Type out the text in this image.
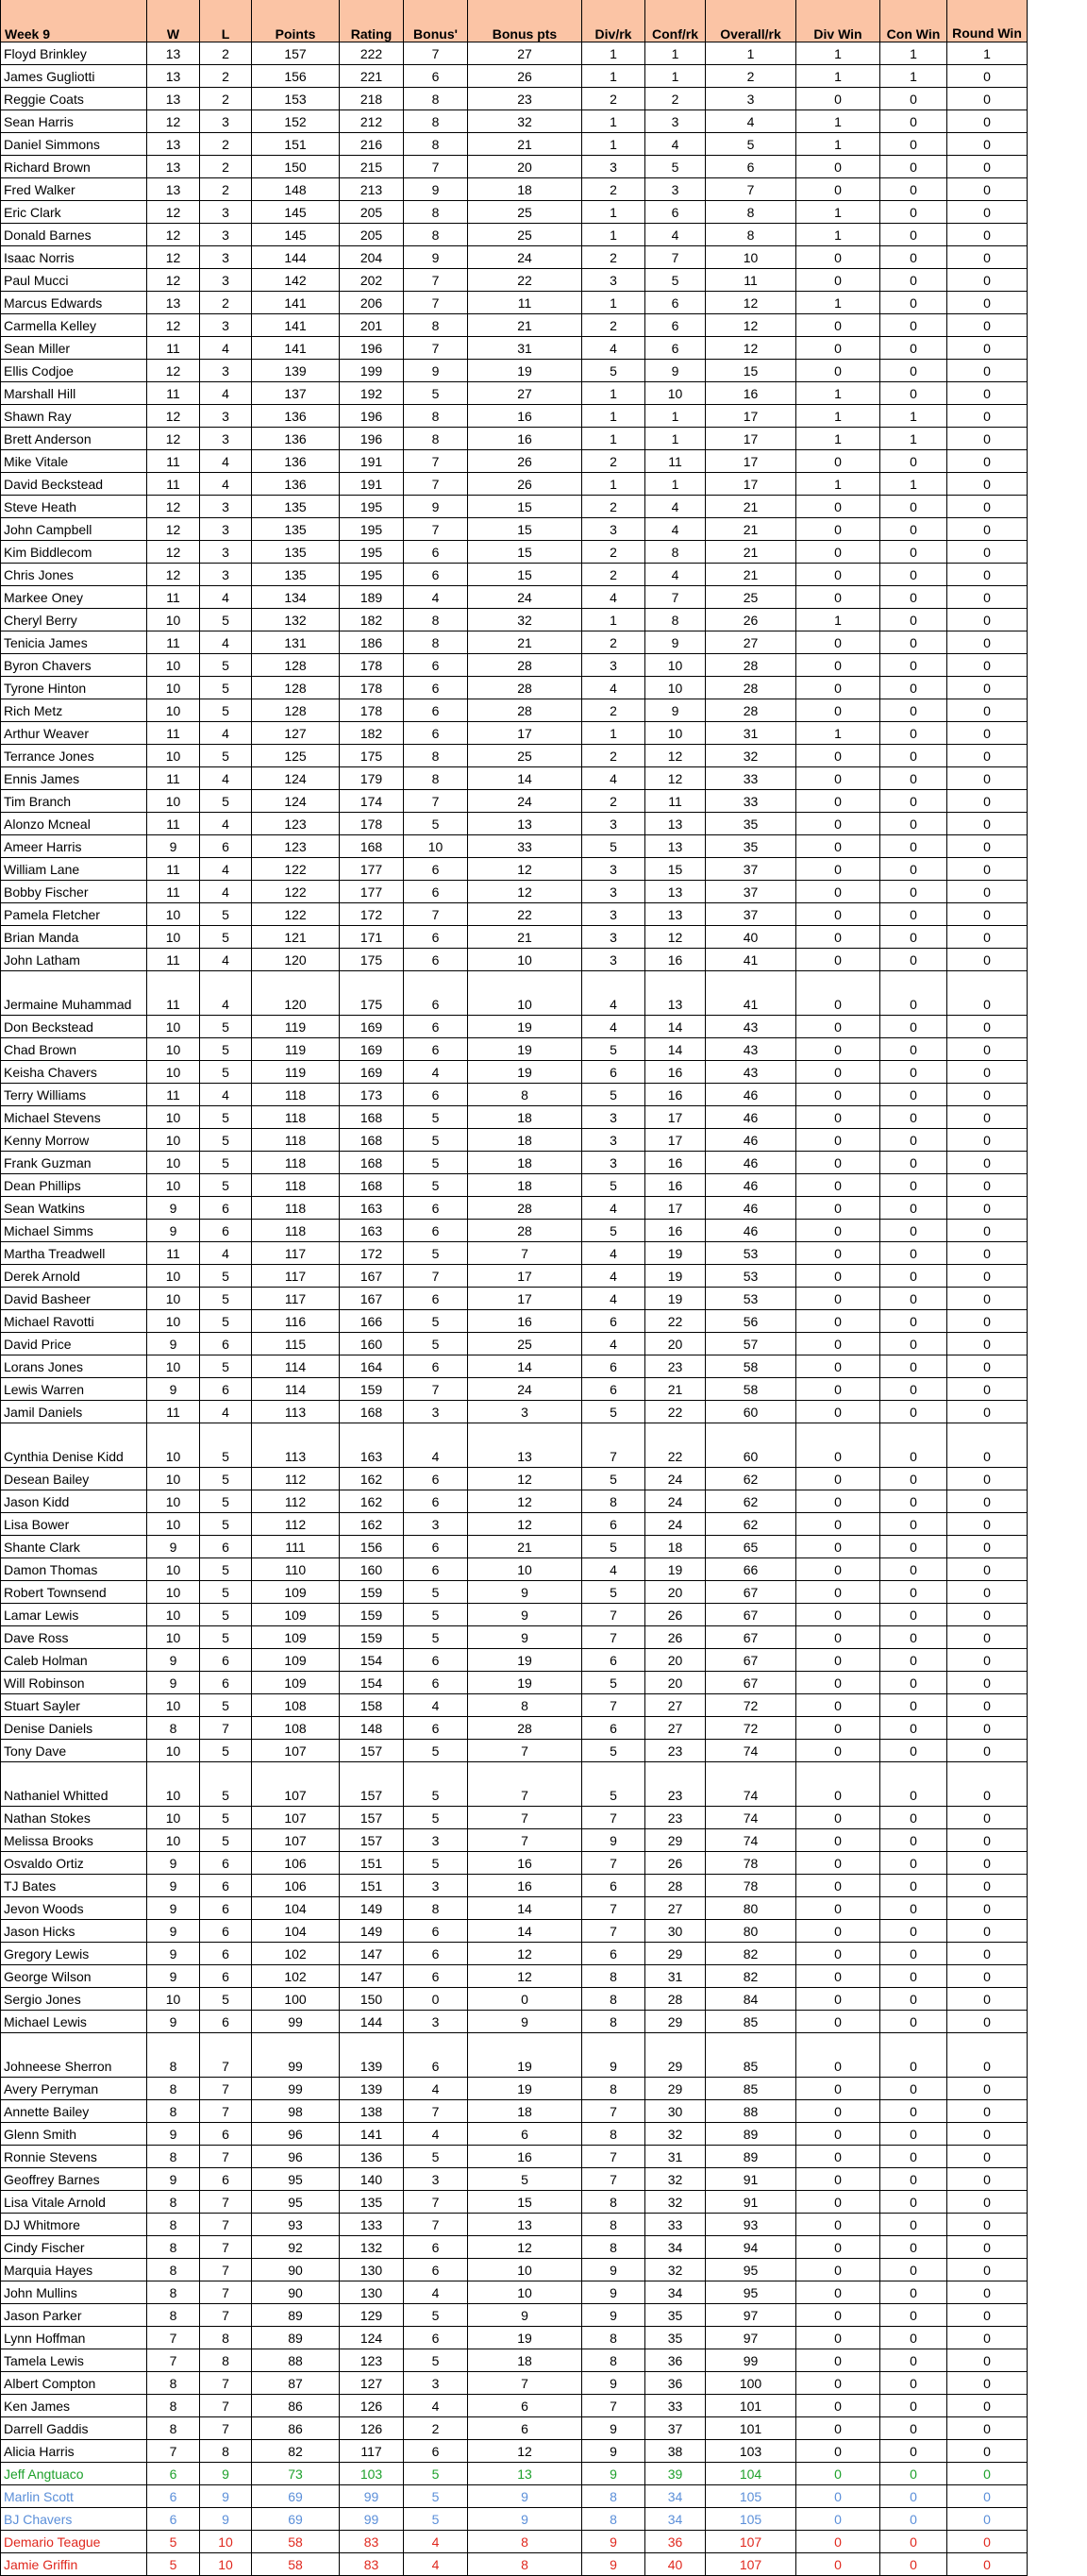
Week 9	W	L	Points	Rating	Bonus'	Bonus pts	Div/rk	Conf/rk	Overall/rk	Div Win	Con Win	Round Win
Floyd Brinkley	13	2	157	222	7	27	1	1	1	1	1	1
James Gugliotti	13	2	156	221	6	26	1	1	2	1	1	0
Reggie Coats	13	2	153	218	8	23	2	2	3	0	0	0
Sean Harris	12	3	152	212	8	32	1	3	4	1	0	0
Daniel Simmons	13	2	151	216	8	21	1	4	5	1	0	0
Richard Brown	13	2	150	215	7	20	3	5	6	0	0	0
Fred Walker	13	2	148	213	9	18	2	3	7	0	0	0
Eric Clark	12	3	145	205	8	25	1	6	8	1	0	0
Donald Barnes	12	3	145	205	8	25	1	4	8	1	0	0
Isaac Norris	12	3	144	204	9	24	2	7	10	0	0	0
Paul Mucci	12	3	142	202	7	22	3	5	11	0	0	0
Marcus Edwards	13	2	141	206	7	11	1	6	12	1	0	0
Carmella Kelley	12	3	141	201	8	21	2	6	12	0	0	0
Sean Miller	11	4	141	196	7	31	4	6	12	0	0	0
Ellis Codjoe	12	3	139	199	9	19	5	9	15	0	0	0
Marshall Hill	11	4	137	192	5	27	1	10	16	1	0	0
Shawn Ray	12	3	136	196	8	16	1	1	17	1	1	0
Brett Anderson	12	3	136	196	8	16	1	1	17	1	1	0
Mike Vitale	11	4	136	191	7	26	2	11	17	0	0	0
David Beckstead	11	4	136	191	7	26	1	1	17	1	1	0
Steve Heath	12	3	135	195	9	15	2	4	21	0	0	0
John Campbell	12	3	135	195	7	15	3	4	21	0	0	0
Kim Biddlecom	12	3	135	195	6	15	2	8	21	0	0	0
Chris Jones	12	3	135	195	6	15	2	4	21	0	0	0
Markee Oney	11	4	134	189	4	24	4	7	25	0	0	0
Cheryl Berry	10	5	132	182	8	32	1	8	26	1	0	0
Tenicia James	11	4	131	186	8	21	2	9	27	0	0	0
Byron Chavers	10	5	128	178	6	28	3	10	28	0	0	0
Tyrone Hinton	10	5	128	178	6	28	4	10	28	0	0	0
Rich Metz	10	5	128	178	6	28	2	9	28	0	0	0
Arthur Weaver	11	4	127	182	6	17	1	10	31	1	0	0
Terrance Jones	10	5	125	175	8	25	2	12	32	0	0	0
Ennis James	11	4	124	179	8	14	4	12	33	0	0	0
Tim Branch	10	5	124	174	7	24	2	11	33	0	0	0
Alonzo Mcneal	11	4	123	178	5	13	3	13	35	0	0	0
Ameer Harris	9	6	123	168	10	33	5	13	35	0	0	0
William Lane	11	4	122	177	6	12	3	15	37	0	0	0
Bobby Fischer	11	4	122	177	6	12	3	13	37	0	0	0
Pamela Fletcher	10	5	122	172	7	22	3	13	37	0	0	0
Brian Manda	10	5	121	171	6	21	3	12	40	0	0	0
John Latham	11	4	120	175	6	10	3	16	41	0	0	0
Jermaine Muhammad	11	4	120	175	6	10	4	13	41	0	0	0
Don Beckstead	10	5	119	169	6	19	4	14	43	0	0	0
Chad Brown	10	5	119	169	6	19	5	14	43	0	0	0
Keisha Chavers	10	5	119	169	4	19	6	16	43	0	0	0
Terry Williams	11	4	118	173	6	8	5	16	46	0	0	0
Michael Stevens	10	5	118	168	5	18	3	17	46	0	0	0
Kenny Morrow	10	5	118	168	5	18	3	17	46	0	0	0
Frank Guzman	10	5	118	168	5	18	3	16	46	0	0	0
Dean Phillips	10	5	118	168	5	18	5	16	46	0	0	0
Sean Watkins	9	6	118	163	6	28	4	17	46	0	0	0
Michael Simms	9	6	118	163	6	28	5	16	46	0	0	0
Martha Treadwell	11	4	117	172	5	7	4	19	53	0	0	0
Derek Arnold	10	5	117	167	7	17	4	19	53	0	0	0
David Basheer	10	5	117	167	6	17	4	19	53	0	0	0
Michael Ravotti	10	5	116	166	5	16	6	22	56	0	0	0
David Price	9	6	115	160	5	25	4	20	57	0	0	0
Lorans Jones	10	5	114	164	6	14	6	23	58	0	0	0
Lewis Warren	9	6	114	159	7	24	6	21	58	0	0	0
Jamil Daniels	11	4	113	168	3	3	5	22	60	0	0	0
Cynthia Denise Kidd	10	5	113	163	4	13	7	22	60	0	0	0
Desean Bailey	10	5	112	162	6	12	5	24	62	0	0	0
Jason Kidd	10	5	112	162	6	12	8	24	62	0	0	0
Lisa Bower	10	5	112	162	3	12	6	24	62	0	0	0
Shante Clark	9	6	111	156	6	21	5	18	65	0	0	0
Damon Thomas	10	5	110	160	6	10	4	19	66	0	0	0
Robert Townsend	10	5	109	159	5	9	5	20	67	0	0	0
Lamar Lewis	10	5	109	159	5	9	7	26	67	0	0	0
Dave Ross	10	5	109	159	5	9	7	26	67	0	0	0
Caleb Holman	9	6	109	154	6	19	6	20	67	0	0	0
Will Robinson	9	6	109	154	6	19	5	20	67	0	0	0
Stuart Sayler	10	5	108	158	4	8	7	27	72	0	0	0
Denise Daniels	8	7	108	148	6	28	6	27	72	0	0	0
Tony Dave	10	5	107	157	5	7	5	23	74	0	0	0
Nathaniel Whitted	10	5	107	157	5	7	5	23	74	0	0	0
Nathan Stokes	10	5	107	157	5	7	7	23	74	0	0	0
Melissa Brooks	10	5	107	157	3	7	9	29	74	0	0	0
Osvaldo Ortiz	9	6	106	151	5	16	7	26	78	0	0	0
TJ Bates	9	6	106	151	3	16	6	28	78	0	0	0
Jevon Woods	9	6	104	149	8	14	7	27	80	0	0	0
Jason Hicks	9	6	104	149	6	14	7	30	80	0	0	0
Gregory Lewis	9	6	102	147	6	12	6	29	82	0	0	0
George Wilson	9	6	102	147	6	12	8	31	82	0	0	0
Sergio Jones	10	5	100	150	0	0	8	28	84	0	0	0
Michael Lewis	9	6	99	144	3	9	8	29	85	0	0	0
Johneese Sherron	8	7	99	139	6	19	9	29	85	0	0	0
Avery Perryman	8	7	99	139	4	19	8	29	85	0	0	0
Annette Bailey	8	7	98	138	7	18	7	30	88	0	0	0
Glenn Smith	9	6	96	141	4	6	8	32	89	0	0	0
Ronnie Stevens	8	7	96	136	5	16	7	31	89	0	0	0
Geoffrey Barnes	9	6	95	140	3	5	7	32	91	0	0	0
Lisa Vitale Arnold	8	7	95	135	7	15	8	32	91	0	0	0
DJ Whitmore	8	7	93	133	7	13	8	33	93	0	0	0
Cindy Fischer	8	7	92	132	6	12	8	34	94	0	0	0
Marquia Hayes	8	7	90	130	6	10	9	32	95	0	0	0
John Mullins	8	7	90	130	4	10	9	34	95	0	0	0
Jason Parker	8	7	89	129	5	9	9	35	97	0	0	0
Lynn Hoffman	7	8	89	124	6	19	8	35	97	0	0	0
Tamela Lewis	7	8	88	123	5	18	8	36	99	0	0	0
Albert Compton	8	7	87	127	3	7	9	36	100	0	0	0
Ken James	8	7	86	126	4	6	7	33	101	0	0	0
Darrell Gaddis	8	7	86	126	2	6	9	37	101	0	0	0
Alicia Harris	7	8	82	117	6	12	9	38	103	0	0	0
Jeff Angtuaco	6	9	73	103	5	13	9	39	104	0	0	0
Marlin Scott	6	9	69	99	5	9	8	34	105	0	0	0
BJ Chavers	6	9	69	99	5	9	8	34	105	0	0	0
Demario Teague	5	10	58	83	4	8	9	36	107	0	0	0
Jamie Griffin	5	10	58	83	4	8	9	40	107	0	0	0
